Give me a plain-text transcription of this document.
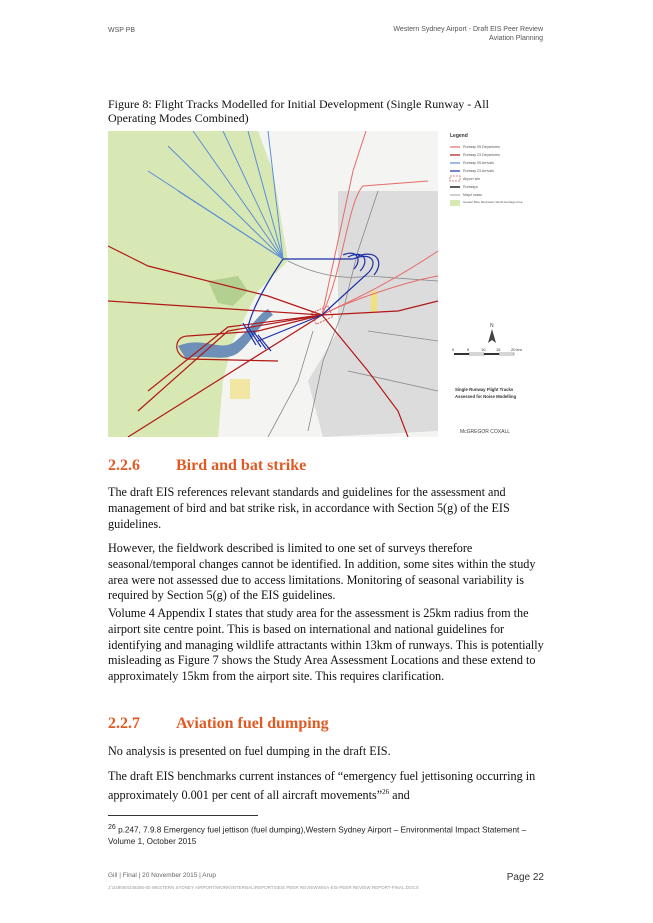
WSP PB	Western Sydney Airport - Draft EIS Peer Review
Aviation Planning
Figure 8: Flight Tracks Modelled for Initial Development (Single Runway - All
Operating Modes Combined)
Legend
Runway 05 Departures
Runway 23 Departures
Runway 05 Arrivals
Runway 23 Arrivals
Airport site
Runways
Major roads
Greater Blue Mountains World Heritage Area
N
0	5	10	15	20 km
Single Runway Flight Tracks
Assessed for Noise Modelling
McGREGOR COXALL
2.2.6 Bird and bat strike

The draft EIS references relevant standards and guidelines for the assessment and management of bird and bat strike risk, in accordance with Section 5(g) of the EIS guidelines.

However, the fieldwork described is limited to one set of surveys therefore seasonal/temporal changes cannot be identified. In addition, some sites within the study area were not assessed due to access limitations. Monitoring of seasonal variability is required by Section 5(g) of the EIS guidelines.

Volume 4 Appendix I states that study area for the assessment is 25km radius from the airport site centre point. This is based on international and national guidelines for identifying and managing wildlife attractants within 13km of runways. This is potentially misleading as Figure 7 shows the Study Area Assessment Locations and these extend to approximately 15km from the airport site. This requires clarification.

2.2.7 Aviation fuel dumping

No analysis is presented on fuel dumping in the draft EIS.

The draft EIS benchmarks current instances of “emergency fuel jettisoning occurring in approximately 0.001 per cent of all aircraft movements”$^{26}$ and

$^{26}$ p.247, 7.9.8 Emergency fuel jettison (fuel dumping),Western Sydney Airport – Environmental Impact Statement – Volume 1, October 2015
Gill | Final | 20 November 2015 | Arup	Page 22
J:\249000\249285-00 WESTERN SYDNEY AIRPORT\WORK\INTERNAL\REPORTS\EIS PEER REVIEW\WSA-EIS-PEER REVIEW REPORT-FINAL.DOCX
